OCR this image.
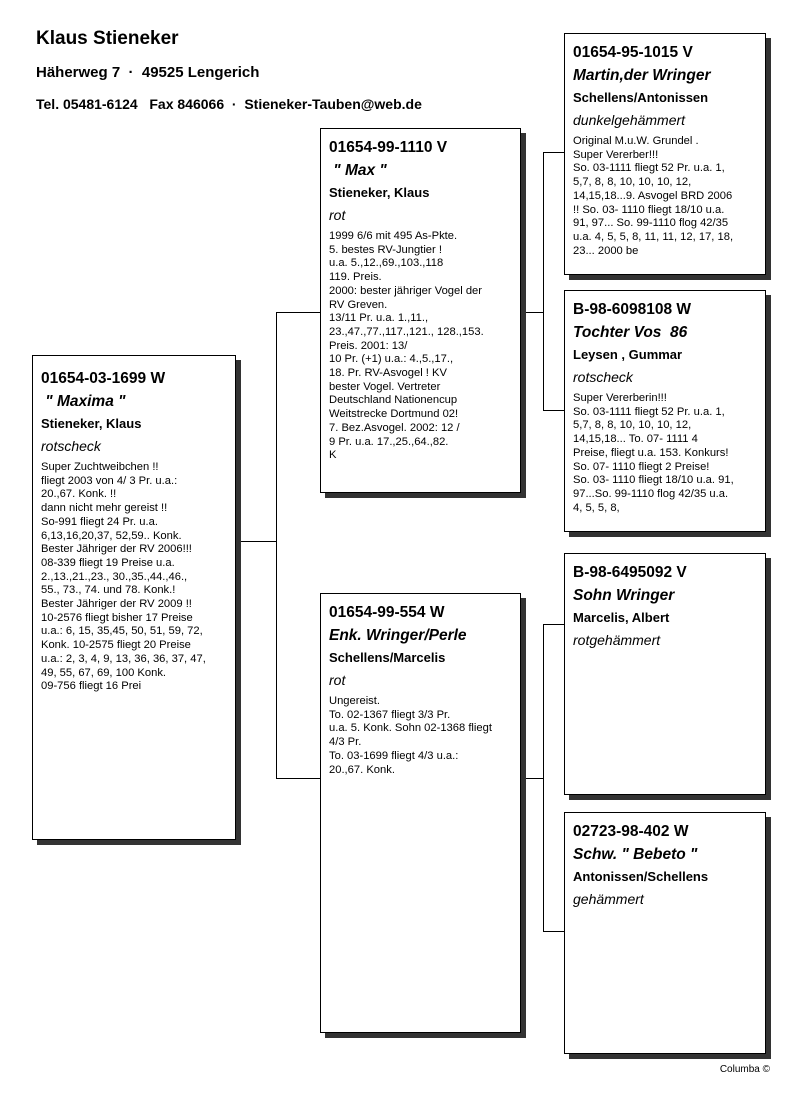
Klaus Stieneker
Häherweg 7  ·  49525 Lengerich
Tel. 05481-6124   Fax 846066  ·  Stieneker-Tauben@web.de
01654-03-1699 W
" Maxima "
Stieneker, Klaus
rotscheck
Super Zuchtweibchen !!
fliegt 2003 von 4/ 3 Pr. u.a.:
20.,67. Konk. !!
dann nicht mehr gereist !!
So-991 fliegt 24 Pr. u.a.
6,13,16,20,37, 52,59.. Konk.
Bester Jähriger der RV 2006!!!
08-339 fliegt 19 Preise u.a.
2.,13.,21.,23., 30.,35.,44.,46.,
55., 73., 74. und 78. Konk.!
Bester Jähriger der RV 2009 !!
10-2576 fliegt bisher 17 Preise
u.a.: 6, 15, 35,45, 50, 51, 59, 72,
Konk. 10-2575 fliegt 20 Preise
u.a.: 2, 3, 4, 9, 13, 36, 36, 37, 47,
49, 55, 67, 69, 100 Konk.
09-756 fliegt 16 Prei
01654-99-1110 V
" Max "
Stieneker, Klaus
rot
1999 6/6 mit 495 As-Pkte.
5. bestes RV-Jungtier !
u.a. 5.,12.,69.,103.,118
119. Preis.
2000: bester jähriger Vogel der
RV Greven.
13/11 Pr. u.a. 1.,11.,
23.,47.,77.,117.,121., 128.,153.
Preis. 2001: 13/
10 Pr. (+1) u.a.: 4.,5.,17.,
18. Pr. RV-Asvogel ! KV
bester Vogel. Vertreter
Deutschland Nationencup
Weitstrecke Dortmund 02!
7. Bez.Asvogel. 2002: 12 /
9 Pr. u.a. 17.,25.,64.,82.
K
01654-99-554 W
Enk. Wringer/Perle
Schellens/Marcelis
rot
Ungereist.
To. 02-1367 fliegt 3/3 Pr.
u.a. 5. Konk. Sohn 02-1368 fliegt
4/3 Pr.
To. 03-1699 fliegt 4/3 u.a.:
20.,67. Konk.
01654-95-1015 V
Martin,der Wringer
Schellens/Antonissen
dunkelgehämmert
Original M.u.W. Grundel .
Super Vererber!!!
So. 03-1111 fliegt 52 Pr. u.a. 1,
5,7, 8, 8, 10, 10, 10, 12,
14,15,18...9. Asvogel BRD 2006
!! So. 03- 1110 fliegt 18/10 u.a.
91, 97... So. 99-1110 flog 42/35
u.a. 4, 5, 5, 8, 11, 11, 12, 17, 18,
23... 2000 be
B-98-6098108 W
Tochter Vos  86
Leysen , Gummar
rotscheck
Super Vererberin!!!
So. 03-1111 fliegt 52 Pr. u.a. 1,
5,7, 8, 8, 10, 10, 10, 12,
14,15,18... To. 07- 1111 4
Preise, fliegt u.a. 153. Konkurs!
So. 07- 1110 fliegt 2 Preise!
So. 03- 1110 fliegt 18/10 u.a. 91,
97...So. 99-1110 flog 42/35 u.a.
4, 5, 5, 8,
B-98-6495092 V
Sohn Wringer
Marcelis, Albert
rotgehämmert
02723-98-402 W
Schw. " Bebeto "
Antonissen/Schellens
gehämmert
Columba ©
